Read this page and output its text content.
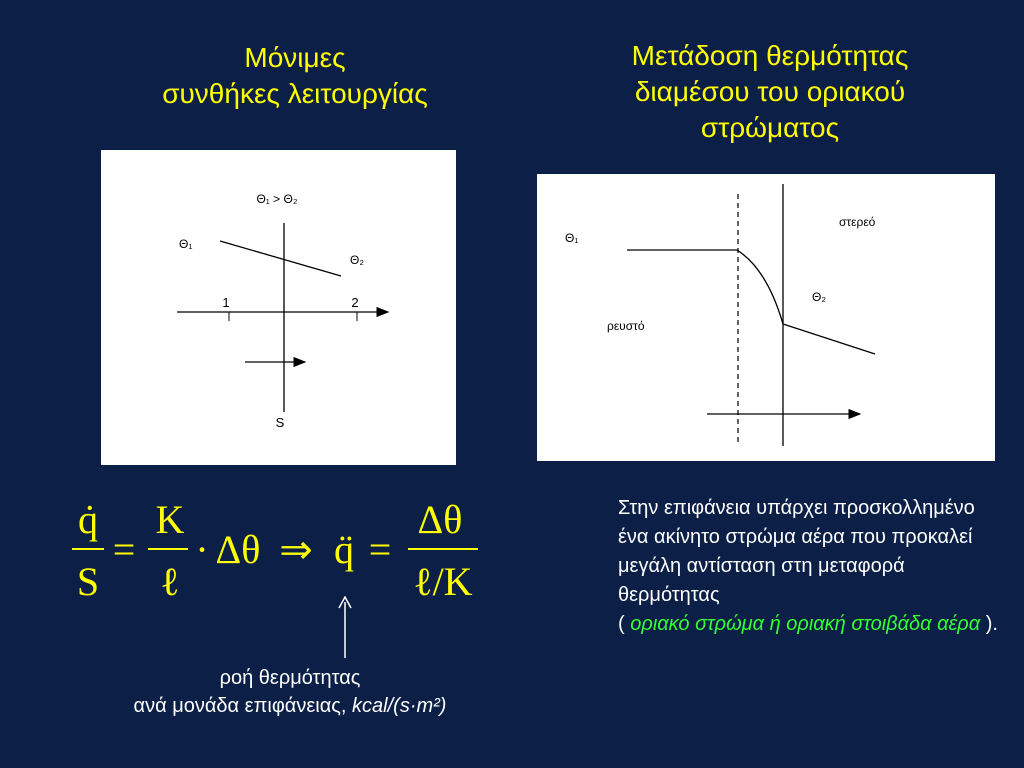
Μόνιμες
συνθήκες λειτουργίας
Μετάδοση θερμότητας
διαμέσου του οριακού
στρώματος
Θ₁ > Θ₂
1	2
Θ₁
Θ₂
S
Θ₁
Θ₂
στερεό
ρευστό
q̇
S
=
K
ℓ
· Δθ ⇒ q̈ =
Δθ
ℓ/K
ροή θερμότητας
ανά μονάδα επιφάνειας, kcal/(s·m²)
Στην επιφάνεια υπάρχει προσκολλημένο ένα ακίνητο στρώμα αέρα που προκαλεί μεγάλη αντίσταση στη μεταφορά θερμότητας
( οριακό στρώμα ή οριακή στοιβάδα αέρα ).
